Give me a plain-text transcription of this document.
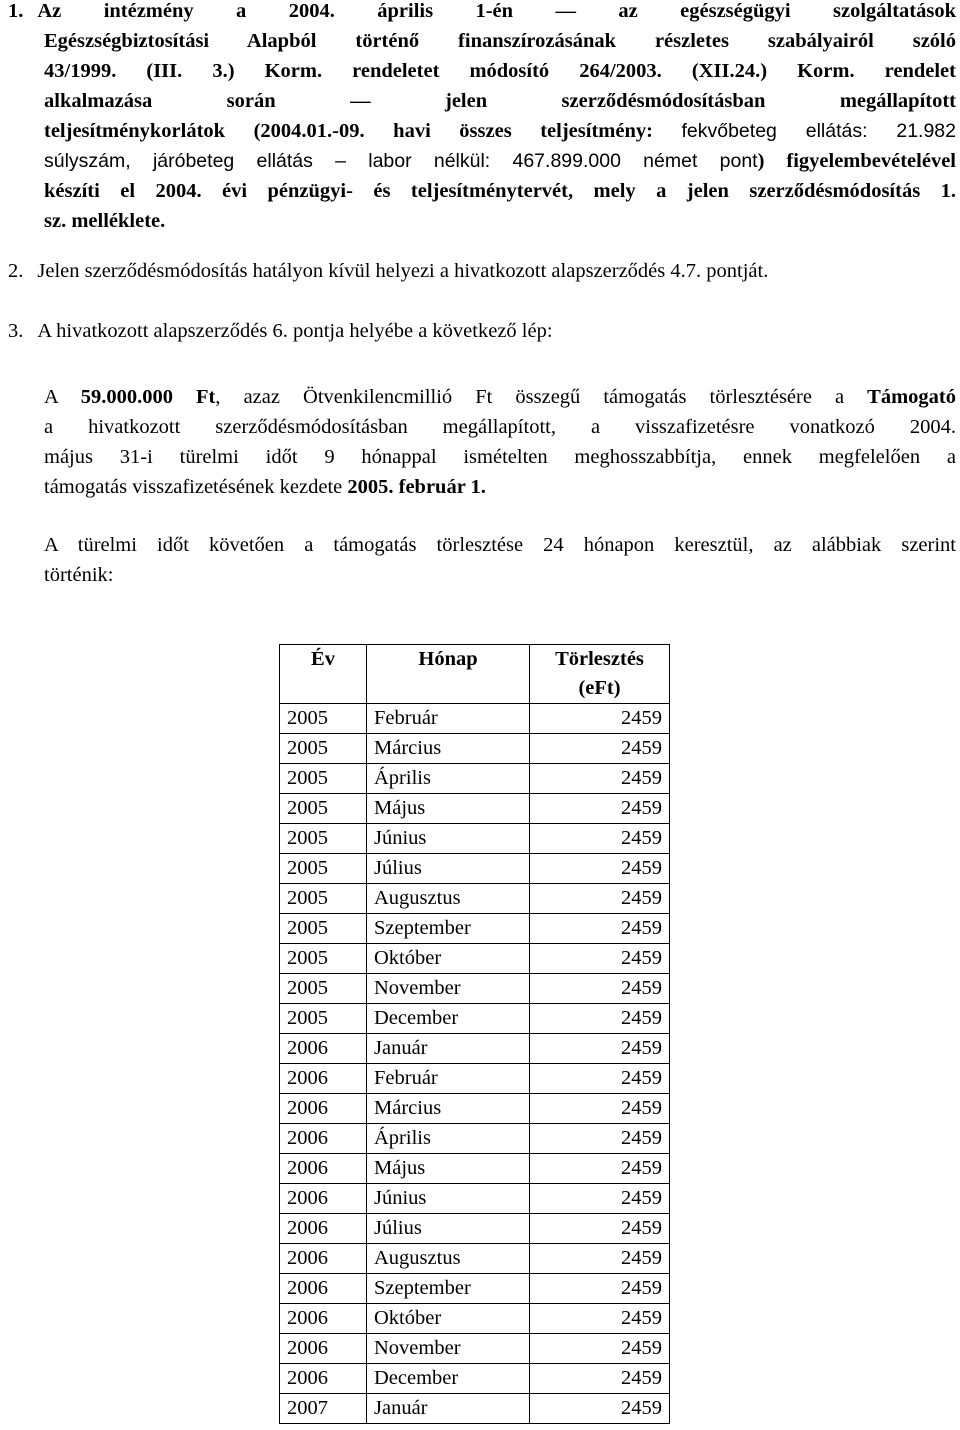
1. Az intézmény a 2004. április 1-én — az egészségügyi szolgáltatások
Egészségbiztosítási Alapból történő finanszírozásának részletes szabályairól szóló
43/1999. (III. 3.) Korm. rendeletet módosító 264/2003. (XII.24.) Korm. rendelet
alkalmazása során — jelen szerződésmódosításban megállapított
teljesítménykorlátok (2004.01.-09. havi összes teljesítmény: fekvőbeteg ellátás: 21.982
súlyszám, járóbeteg ellátás – labor nélkül: 467.899.000 német pont) figyelembevételével
készíti el 2004. évi pénzügyi- és teljesítménytervét, mely a jelen szerződésmódosítás 1.
sz. melléklete.
2. Jelen szerződésmódosítás hatályon kívül helyezi a hivatkozott alapszerződés 4.7. pontját.
3. A hivatkozott alapszerződés 6. pontja helyébe a következő lép:
A 59.000.000 Ft, azaz Ötvenkilencmillió Ft összegű támogatás törlesztésére a Támogató
a hivatkozott szerződésmódosításban megállapított, a visszafizetésre vonatkozó 2004.
május 31-i türelmi időt 9 hónappal ismételten meghosszabbítja, ennek megfelelően a
támogatás visszafizetésének kezdete 2005. február 1.
A türelmi időt követően a támogatás törlesztése 24 hónapon keresztül, az alábbiak szerint
történik:
Év	Hónap	Törlesztés (eFt)
2005	Február	2459
2005	Március	2459
2005	Április	2459
2005	Május	2459
2005	Június	2459
2005	Július	2459
2005	Augusztus	2459
2005	Szeptember	2459
2005	Október	2459
2005	November	2459
2005	December	2459
2006	Január	2459
2006	Február	2459
2006	Március	2459
2006	Április	2459
2006	Május	2459
2006	Június	2459
2006	Július	2459
2006	Augusztus	2459
2006	Szeptember	2459
2006	Október	2459
2006	November	2459
2006	December	2459
2007	Január	2459
